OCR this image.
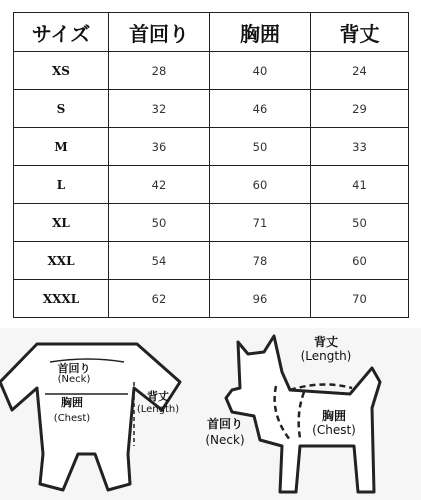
サイズ	首回り	胸囲	背丈
XS	28	40	24
S	32	46	29
M	36	50	33
L	42	60	41
XL	50	71	50
XXL	54	78	60
XXXL	62	96	70
首回り
(Neck)
胸囲
(Chest)
背丈
(Length)
背丈
(Length)
胸囲
(Chest)
首回り
(Neck)
